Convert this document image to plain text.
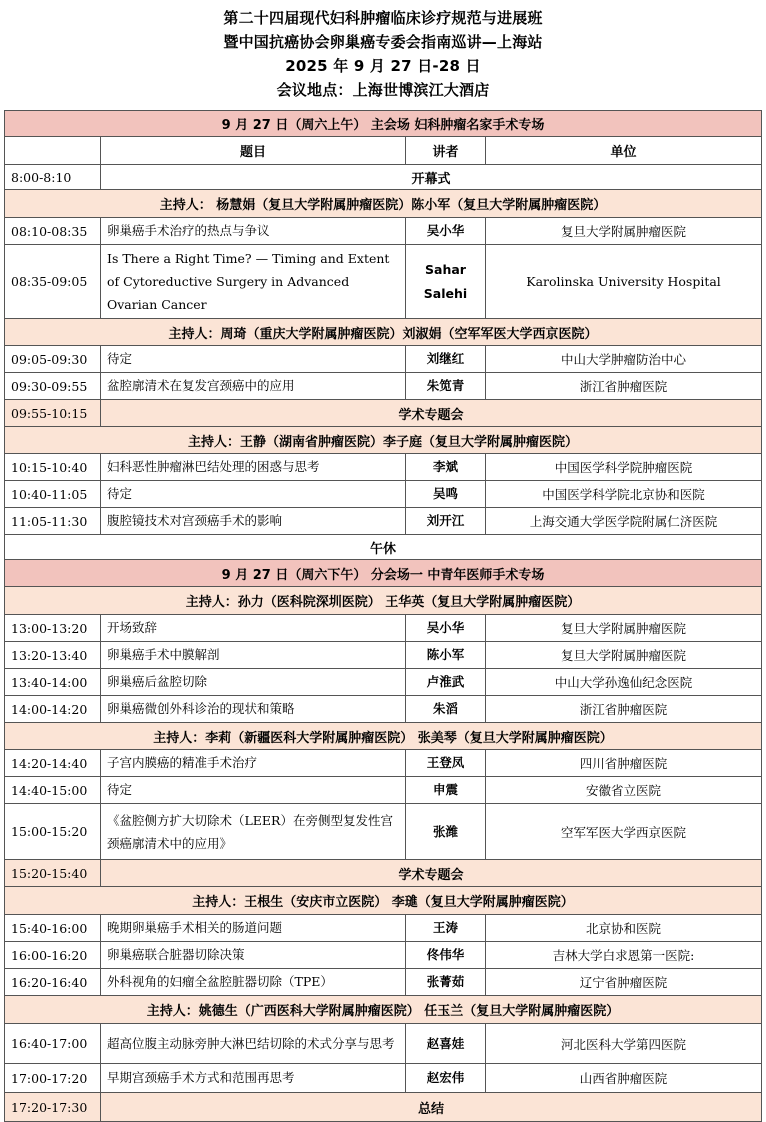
第二十四届现代妇科肿瘤临床诊疗规范与进展班
暨中国抗癌协会卵巢癌专委会指南巡讲—上海站
2025 年 9 月 27 日-28 日
会议地点：上海世博滨江大酒店
9 月 27 日（周六上午） 主会场 妇科肿瘤名家手术专场			
	题目	讲者	单位
8:00-8:10	开幕式		
主持人： 杨慧娟（复旦大学附属肿瘤医院）陈小军（复旦大学附属肿瘤医院）			
08:10-08:35	卵巢癌手术治疗的热点与争议	吴小华	复旦大学附属肿瘤医院
08:35-09:05	Is There a Right Time? — Timing and Extent of Cytoreductive Surgery in Advanced Ovarian Cancer	Sahar Salehi	Karolinska University Hospital
主持人：周琦（重庆大学附属肿瘤医院）刘淑娟（空军军医大学西京医院）			
09:05-09:30	待定	刘继红	中山大学肿瘤防治中心
09:30-09:55	盆腔廓清术在复发宫颈癌中的应用	朱笕青	浙江省肿瘤医院
09:55-10:15	学术专题会		
主持人：王静（湖南省肿瘤医院）李子庭（复旦大学附属肿瘤医院）			
10:15-10:40	妇科恶性肿瘤淋巴结处理的困惑与思考	李斌	中国医学科学院肿瘤医院
10:40-11:05	待定	吴鸣	中国医学科学院北京协和医院
11:05-11:30	腹腔镜技术对宫颈癌手术的影响	刘开江	上海交通大学医学院附属仁济医院
午休			
9 月 27 日（周六下午） 分会场一 中青年医师手术专场			
主持人：孙力（医科院深圳医院） 王华英（复旦大学附属肿瘤医院）			
13:00-13:20	开场致辞	吴小华	复旦大学附属肿瘤医院
13:20-13:40	卵巢癌手术中膜解剖	陈小军	复旦大学附属肿瘤医院
13:40-14:00	卵巢癌后盆腔切除	卢淮武	中山大学孙逸仙纪念医院
14:00-14:20	卵巢癌微创外科诊治的现状和策略	朱滔	浙江省肿瘤医院
主持人：李莉（新疆医科大学附属肿瘤医院） 张美琴（复旦大学附属肿瘤医院）			
14:20-14:40	子宫内膜癌的精准手术治疗	王登凤	四川省肿瘤医院
14:40-15:00	待定	申震	安徽省立医院
15:00-15:20	《盆腔侧方扩大切除术（LEER）在旁侧型复发性宫颈癌廓清术中的应用》	张潍	空军军医大学西京医院
15:20-15:40	学术专题会		
主持人：王根生（安庆市立医院） 李璡（复旦大学附属肿瘤医院）			
15:40-16:00	晚期卵巢癌手术相关的肠道问题	王涛	北京协和医院
16:00-16:20	卵巢癌联合脏器切除决策	佟伟华	吉林大学白求恩第一医院:
16:20-16:40	外科视角的妇瘤全盆腔脏器切除（TPE）	张菁茹	辽宁省肿瘤医院
主持人：姚德生（广西医科大学附属肿瘤医院） 任玉兰（复旦大学附属肿瘤医院）			
16:40-17:00	超高位腹主动脉旁肿大淋巴结切除的术式分享与思考	赵喜娃	河北医科大学第四医院
17:00-17:20	早期宫颈癌手术方式和范围再思考	赵宏伟	山西省肿瘤医院
17:20-17:30	总结		
